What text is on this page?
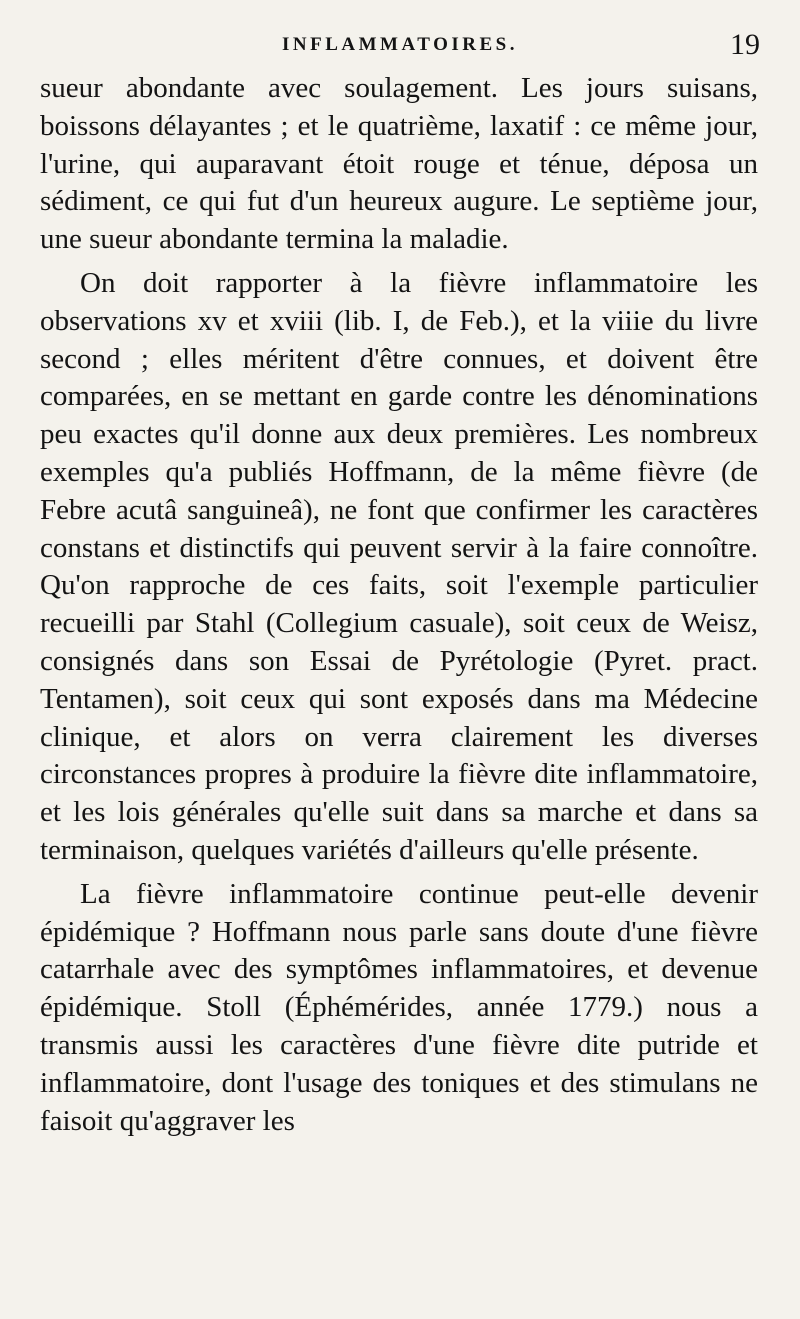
INFLAMMATOIRES.	19

sueur abondante avec soulagement. Les jours suisans, boissons délayantes ; et le quatrième, laxatif : ce même jour, l'urine, qui auparavant étoit rouge et ténue, déposa un sédiment, ce qui fut d'un heureux augure. Le septième jour, une sueur abondante termina la maladie.

On doit rapporter à la fièvre inflammatoire les observations xv et xviii (lib. I, de Feb.), et la viiie du livre second ; elles méritent d'être connues, et doivent être comparées, en se mettant en garde contre les dénominations peu exactes qu'il donne aux deux premières. Les nombreux exemples qu'a publiés Hoffmann, de la même fièvre (de Febre acutâ sanguineâ), ne font que confirmer les caractères constans et distinctifs qui peuvent servir à la faire connoître. Qu'on rapproche de ces faits, soit l'exemple particulier recueilli par Stahl (Collegium casuale), soit ceux de Weisz, consignés dans son Essai de Pyrétologie (Pyret. pract. Tentamen), soit ceux qui sont exposés dans ma Médecine clinique, et alors on verra clairement les diverses circonstances propres à produire la fièvre dite inflammatoire, et les lois générales qu'elle suit dans sa marche et dans sa terminaison, quelques variétés d'ailleurs qu'elle présente.

La fièvre inflammatoire continue peut-elle devenir épidémique ? Hoffmann nous parle sans doute d'une fièvre catarrhale avec des symptômes inflammatoires, et devenue épidémique. Stoll (Éphémérides, année 1779.) nous a transmis aussi les caractères d'une fièvre dite putride et inflammatoire, dont l'usage des toniques et des stimulans ne faisoit qu'aggraver les
